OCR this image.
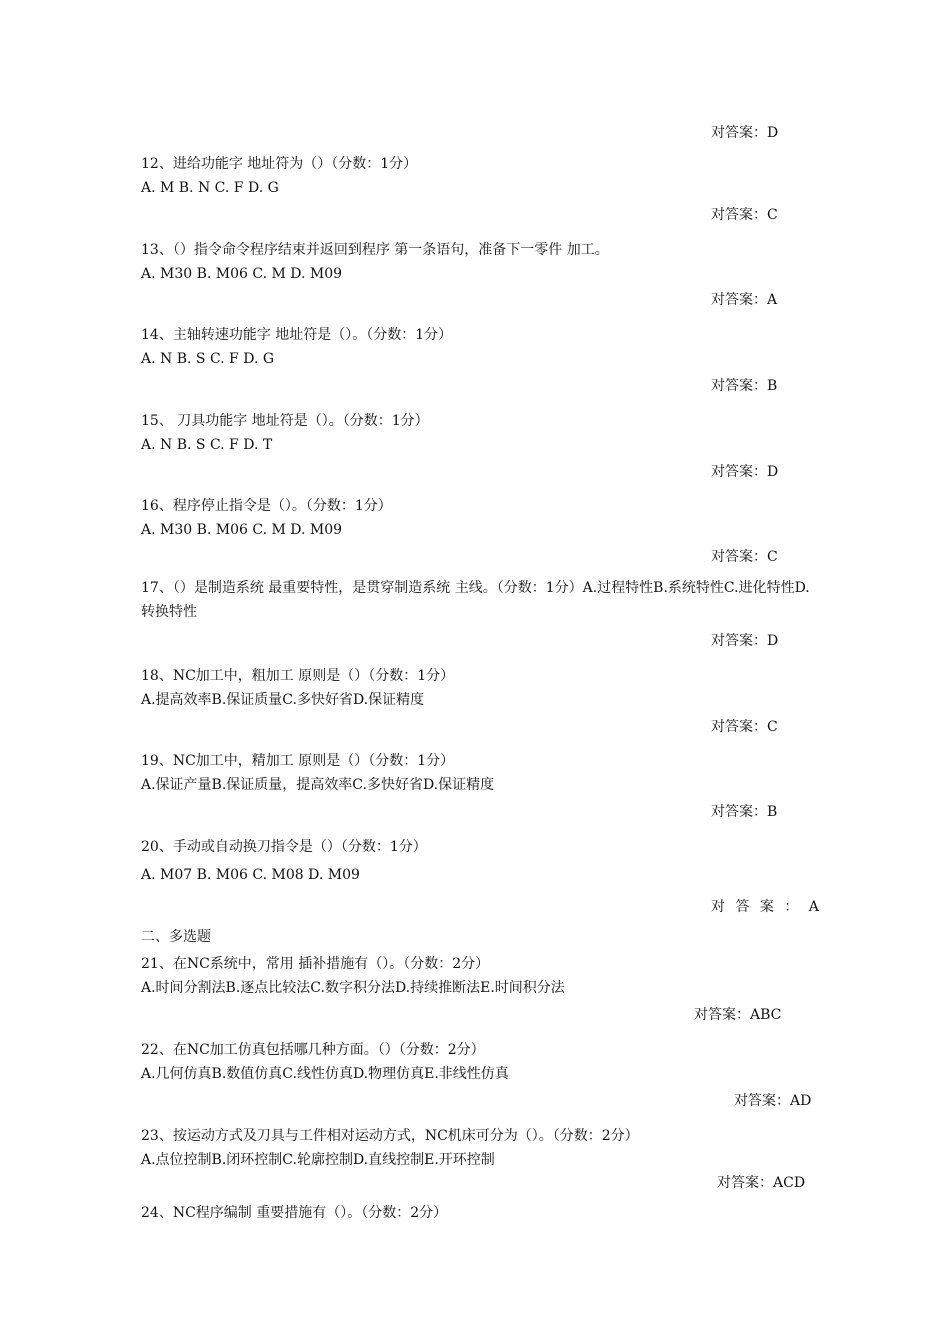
对答案：D
12、进给功能字 地址符为（）（分数：1分）
A. M B. N C. F D. G
对答案：C
13、（）指令命令程序结束并返回到程序 第一条语句，准备下一零件 加工。
A. M30 B. M06 C. M D. M09
对答案：A
14、主轴转速功能字 地址符是（）。（分数：1分）
A. N B. S C. F D. G
对答案：B
15、 刀具功能字 地址符是（）。（分数：1分）
A. N B. S C. F D. T
对答案：D
16、程序停止指令是（）。（分数：1分）
A. M30 B. M06 C. M D. M09
对答案：C
17、（）是制造系统 最重要特性，是贯穿制造系统 主线。（分数：1分）A.过程特性B.系统特性C.进化特性D.转换特性
对答案：D
18、NC加工中，粗加工 原则是（）（分数：1分）
A.提高效率B.保证质量C.多快好省D.保证精度
对答案：C
19、NC加工中，精加工 原则是（）（分数：1分）
A.保证产量B.保证质量，提高效率C.多快好省D.保证精度
对答案：B
20、手动或自动换刀指令是（）（分数：1分）
A. M07 B. M06 C. M08 D. M09
对 答 案 ： A
二、多选题
21、在NC系统中，常用 插补措施有（）。（分数：2分）
A.时间分割法B.逐点比较法C.数字积分法D.持续推断法E.时间积分法
对答案：ABC
22、在NC加工仿真包括哪几种方面。（）（分数：2分）
A.几何仿真B.数值仿真C.线性仿真D.物理仿真E.非线性仿真
对答案：AD
23、按运动方式及刀具与工件相对运动方式，NC机床可分为（）。（分数：2分）
A.点位控制B.闭环控制C.轮廓控制D.直线控制E.开环控制
对答案：ACD
24、NC程序编制 重要措施有（）。（分数：2分）
